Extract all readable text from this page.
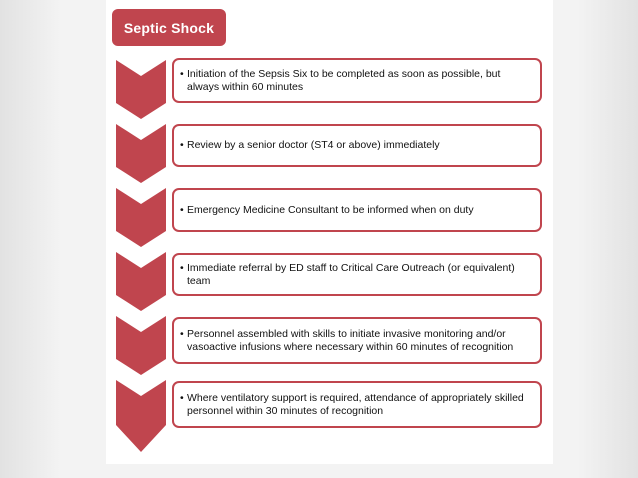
Septic Shock
• Initiation of the Sepsis Six to be completed as soon as possible, but always within 60 minutes
• Review by a senior doctor (ST4 or above) immediately
• Emergency Medicine Consultant to be informed when on duty
• Immediate referral by ED staff to Critical Care Outreach (or equivalent) team
• Personnel assembled with skills to initiate invasive monitoring and/or vasoactive infusions where necessary within 60 minutes of recognition
• Where ventilatory support is required, attendance of appropriately skilled personnel within 30 minutes of recognition
